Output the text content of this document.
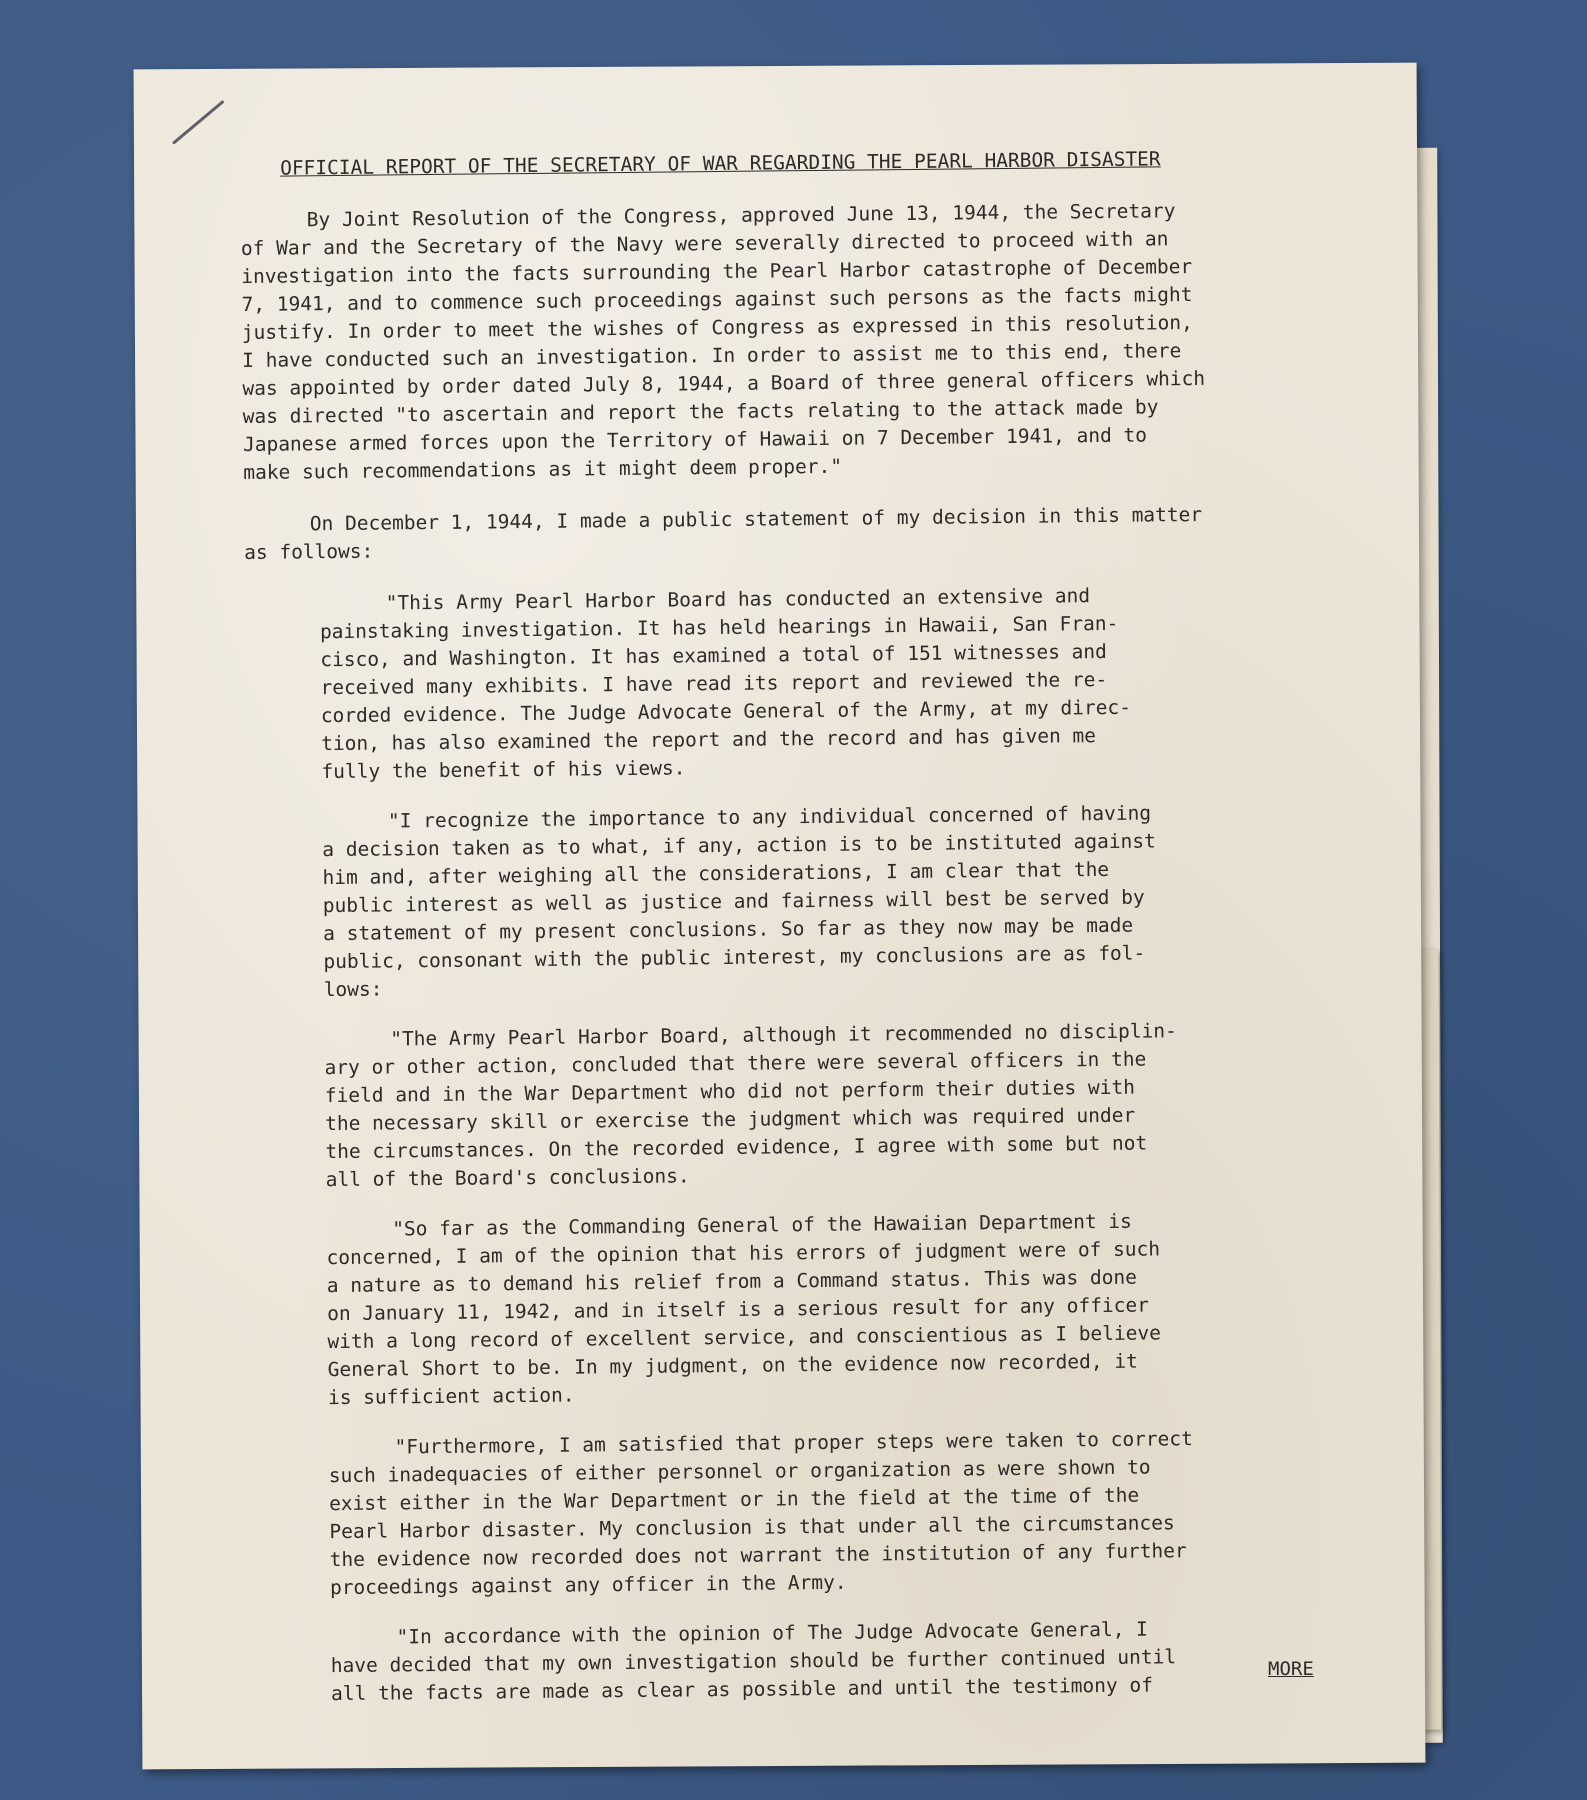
OFFICIAL REPORT OF THE SECRETARY OF WAR REGARDING THE PEARL HARBOR DISASTER
By Joint Resolution of the Congress, approved June 13, 1944, the Secretary
of War and the Secretary of the Navy were severally directed to proceed with an
investigation into the facts surrounding the Pearl Harbor catastrophe of December
7, 1941, and to commence such proceedings against such persons as the facts might
justify. In order to meet the wishes of Congress as expressed in this resolution,
I have conducted such an investigation. In order to assist me to this end, there
was appointed by order dated July 8, 1944, a Board of three general officers which
was directed "to ascertain and report the facts relating to the attack made by
Japanese armed forces upon the Territory of Hawaii on 7 December 1941, and to
make such recommendations as it might deem proper."
On December 1, 1944, I made a public statement of my decision in this matter
as follows:
"This Army Pearl Harbor Board has conducted an extensive and
painstaking investigation. It has held hearings in Hawaii, San Fran-
cisco, and Washington. It has examined a total of 151 witnesses and
received many exhibits. I have read its report and reviewed the re-
corded evidence. The Judge Advocate General of the Army, at my direc-
tion, has also examined the report and the record and has given me
fully the benefit of his views.
"I recognize the importance to any individual concerned of having
a decision taken as to what, if any, action is to be instituted against
him and, after weighing all the considerations, I am clear that the
public interest as well as justice and fairness will best be served by
a statement of my present conclusions. So far as they now may be made
public, consonant with the public interest, my conclusions are as fol-
lows:
"The Army Pearl Harbor Board, although it recommended no disciplin-
ary or other action, concluded that there were several officers in the
field and in the War Department who did not perform their duties with
the necessary skill or exercise the judgment which was required under
the circumstances. On the recorded evidence, I agree with some but not
all of the Board's conclusions.
"So far as the Commanding General of the Hawaiian Department is
concerned, I am of the opinion that his errors of judgment were of such
a nature as to demand his relief from a Command status. This was done
on January 11, 1942, and in itself is a serious result for any officer
with a long record of excellent service, and conscientious as I believe
General Short to be. In my judgment, on the evidence now recorded, it
is sufficient action.
"Furthermore, I am satisfied that proper steps were taken to correct
such inadequacies of either personnel or organization as were shown to
exist either in the War Department or in the field at the time of the
Pearl Harbor disaster. My conclusion is that under all the circumstances
the evidence now recorded does not warrant the institution of any further
proceedings against any officer in the Army.
"In accordance with the opinion of The Judge Advocate General, I
have decided that my own investigation should be further continued until
all the facts are made as clear as possible and until the testimony of
MORE
